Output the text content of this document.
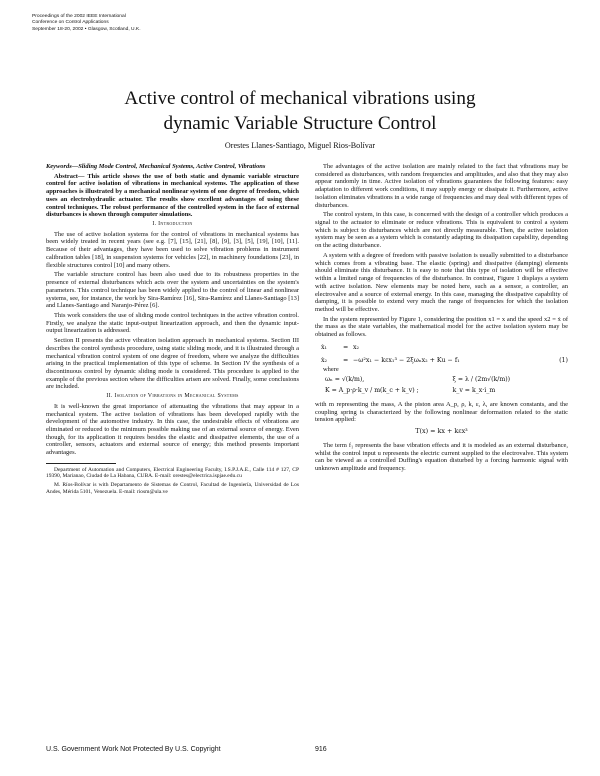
Proceedings of the 2002 IEEE International
Conference on Control Applications
September 18-20, 2002 • Glasgow, Scotland, U.K.
Active control of mechanical vibrations using
dynamic Variable Structure Control
Orestes Llanes-Santiago, Miguel Rios-Bolívar

Keywords—Sliding Mode Control, Mechanical Systems, Active Control, Vibrations

Abstract— This article shows the use of both static and dynamic variable structure control for active isolation of vibrations in mechanical systems. The application of these approaches is illustrated by a mechanical nonlinear system of one degree of freedom, which uses an electrohydraulic actuator. The results show excellent advantages of using these control techniques. The robust performance of the controlled system in the face of external disturbances is shown through computer simulations.

I. Introduction

The use of active isolation systems for the control of vibrations in mechanical systems has been widely treated in recent years (see e.g. [7], [15], [21], [8], [9], [3], [5], [19], [10], [11]. Because of their advantages, they have been used to solve vibration problems in instrument calibration tables [18], in suspension systems for vehicles [22], in machinery foundations [23], in flexible structures control [10] and many others.

The variable structure control has been also used due to its robustness properties in the presence of external disturbances which acts over the system and uncertainties on the system's parameters. This control technique has been widely applied to the control of linear and nonlinear systems, see, for instance, the work by Sira-Ramírez [16], Sira-Ramírez and Llanes-Santiago [13] and Llanes-Santiago and Naranjo-Pérez [6].

This work considers the use of sliding mode control techniques in the active vibration control. Firstly, we analyze the static input-output linearization approach, and then the dynamic input-output linearization is addressed.

Section II presents the active vibration isolation approach in mechanical systems. Section III describes the control synthesis procedure, using static sliding mode, and it is illustrated through a mechanical vibration control system of one degree of freedom, where we analyze the difficulties arising in the practical implementation of this type of scheme. In Section IV the synthesis of a discontinuous control by dynamic sliding mode is considered. This procedure is applied to the example of the previous section where the difficulties arisen are solved. Finally, some conclusions are included.

II. Isolation of Vibrations in Mechanical Systems

It is well-known the great importance of attenuating the vibrations that may appear in a mechanical system. The active isolation of vibrations has been developed rapidly with the development of the automotive industry. In this case, the undesirable effects of vibrations are eliminated or reduced to the minimum possible making use of an external source of energy. Even though, for its application it requires besides the elastic and dissipative elements, the use of a controller, sensors, actuators and external source of energy; this method presents important advantages.

Department of Automation and Computers, Electrical Engineering Faculty, I.S.P.J.A.E., Calle 114 # 127, CP 19390, Marianao, Ciudad de La Habana, CUBA. E-mail: orestes@electrica.ispjae.edu.cu

M. Ríos-Bolívar is with Departamento de Sistemas de Control, Facultad de Ingeniería, Universidad de Los Andes, Mérida 5101, Venezuela. E-mail: riosm@ula.ve

The advantages of the active isolation are mainly related to the fact that vibrations may be considered as disturbances, with random frequencies and amplitudes, and also that they may also appear randomly in time. Active isolation of vibrations guarantees the following features: easy adaptation to different work conditions, it may supply energy or dissipate it. Furthermore, active isolation eliminates vibrations in a wide range of frequencies and may deal with different types of disturbances.

The control system, in this case, is concerned with the design of a controller which produces a signal to the actuator to eliminate or reduce vibrations. This is equivalent to control a system which is subject to disturbances which are not directly measurable. Then, the active isolation system may be seen as a system which is constantly adapting its dissipation capability, depending on the acting disturbance.

A system with a degree of freedom with passive isolation is usually submitted to a disturbance which comes from a vibrating base. The elastic (spring) and dissipative (damping) elements should eliminate this disturbance. It is easy to note that this type of isolation will be effective within a limited range of frequencies of the disturbance. In contrast, Figure 1 displays a system with active isolation. New elements may be noted here, such as a sensor, a controller, an electrovalve and a source of external energy. In this case, managing the dissipative capability of damping, it is possible to extend very much the range of frequencies for which the isolation method will be effective.

In the system represented by Figure 1, considering the position x1 = x and the speed x2 = ẋ of the mass as the state variables, the mathematical model for the active isolation system may be obtained as follows.

ẋ₁	= x₂
ẋ₂	= −ω²x₁ − kεx₁³ − 2ξωₙx₂ + Ku − f₁	(1)

where

ωₙ = √(k/m),	ξ = λ / (2m√(k/m))
K = A_p·ρ·k_v / m(k_c + k_v) ;	k_v = k_x·i_m

with m representing the mass, A the piston area A_p, ρ, k, ε, λ, are known constants, and the coupling spring is characterized by the following nonlinear deformation related to the static tension applied:

T(x) = kx + kεx³

The term f₁ represents the base vibration effects and it is modeled as an external disturbance, whilst the control input u represents the electric current supplied to the electrovalve. This system can be viewed as a controlled Duffing's equation disturbed by a forcing harmonic signal with unknown amplitude and frequency.

U.S. Government Work Not Protected By U.S. Copyright	916
